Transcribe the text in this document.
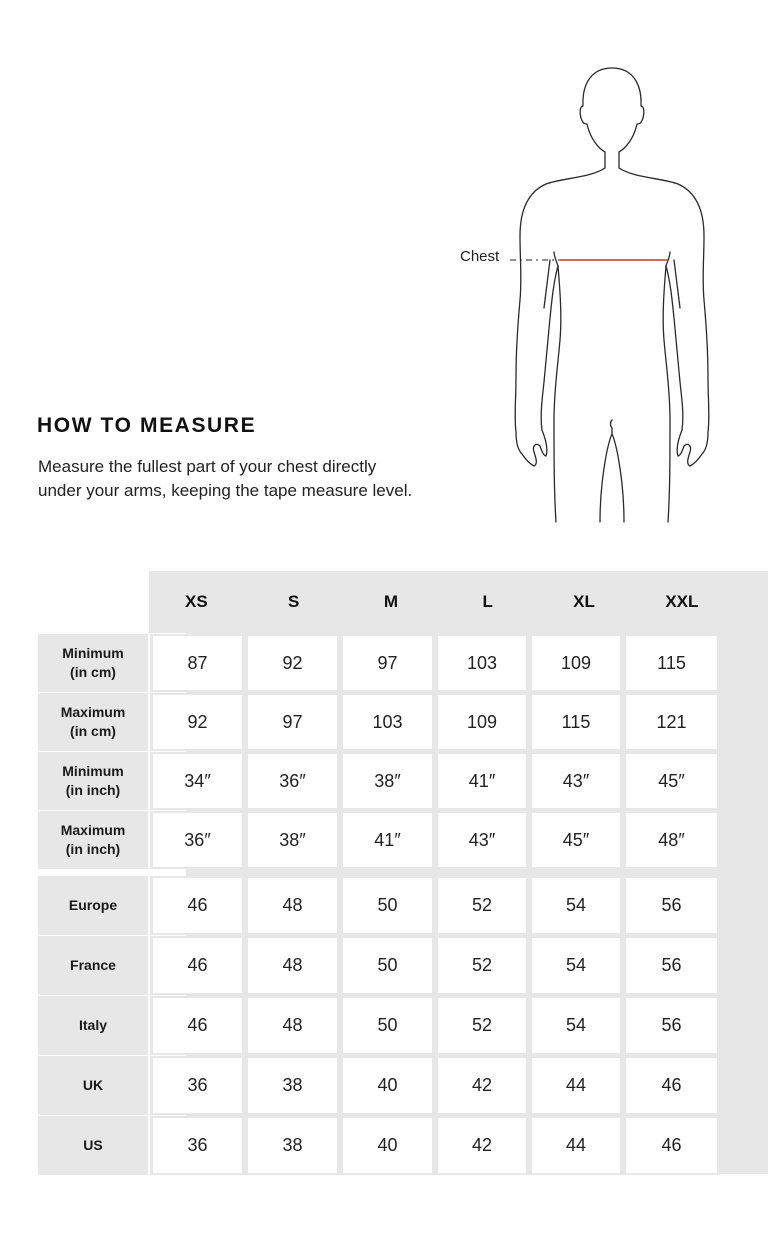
Chest
HOW TO MEASURE
Measure the fullest part of your chest directly under your arms, keeping the tape measure level.
XS	S	M	L	XL	XXL
Minimum
(in cm)	87	92	97	103	109	115
Maximum
(in cm)	92	97	103	109	115	121
Minimum
(in inch)	34″	36″	38″	41″	43″	45″
Maximum
(in inch)	36″	38″	41″	43″	45″	48″
Europe	46	48	50	52	54	56
France	46	48	50	52	54	56
Italy	46	48	50	52	54	56
UK	36	38	40	42	44	46
US	36	38	40	42	44	46
